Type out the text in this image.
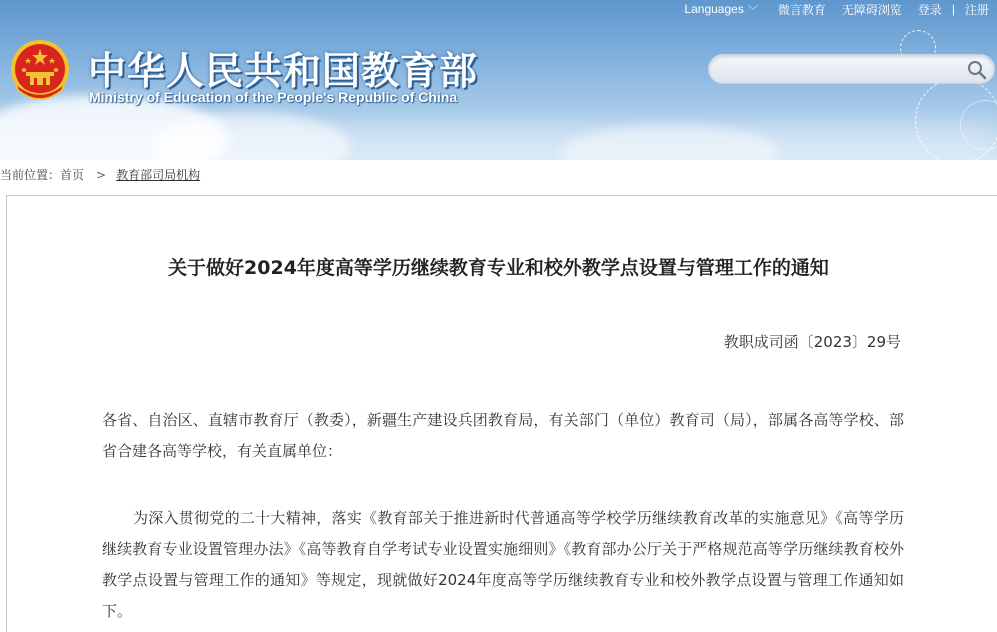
中华人民共和国教育部
Ministry of Education of the People's Republic of China
Languages ﹀ 微言教育 无障碍浏览 登录 | 注册
当前位置：首页 > 教育部司局机构
关于做好2024年度高等学历继续教育专业和校外教学点设置与管理工作的通知
教职成司函〔2023〕29号
各省、自治区、直辖市教育厅（教委），新疆生产建设兵团教育局，有关部门（单位）教育司（局），部属各高等学校、部省合建各高等学校，有关直属单位：
为深入贯彻党的二十大精神，落实《教育部关于推进新时代普通高等学校学历继续教育改革的实施意见》《高等学历继续教育专业设置管理办法》《高等教育自学考试专业设置实施细则》《教育部办公厅关于严格规范高等学历继续教育校外教学点设置与管理工作的通知》等规定，现就做好2024年度高等学历继续教育专业和校外教学点设置与管理工作通知如下。
